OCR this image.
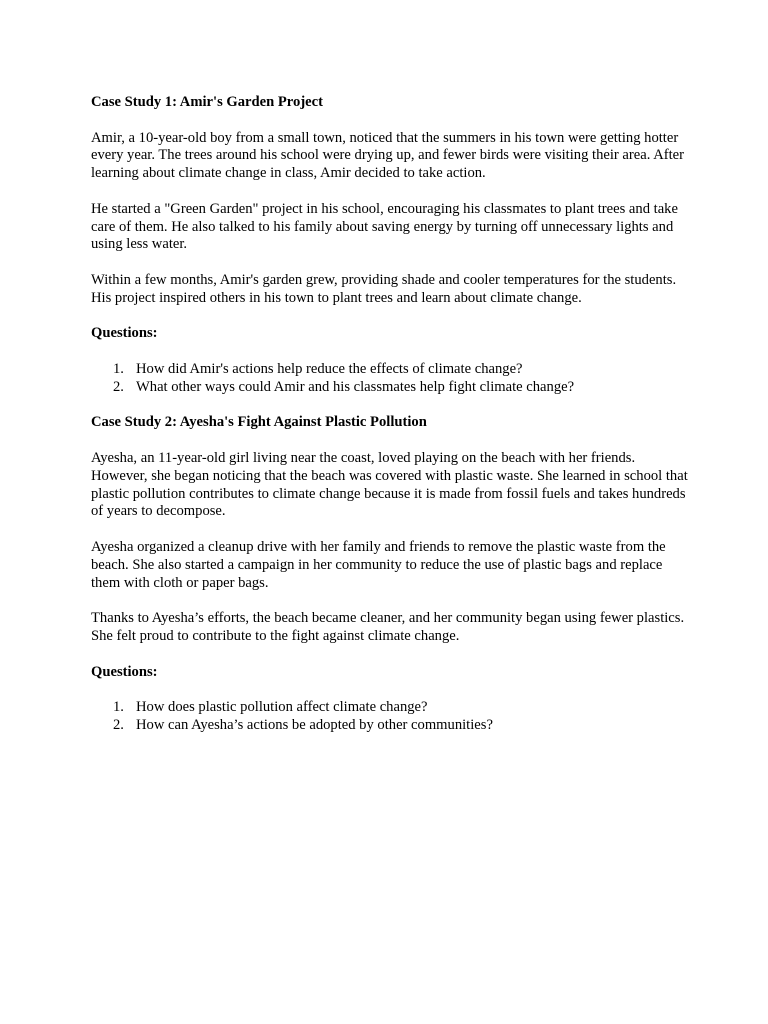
Case Study 1: Amir's Garden Project

Amir, a 10-year-old boy from a small town, noticed that the summers in his town were getting hotter every year. The trees around his school were drying up, and fewer birds were visiting their area. After learning about climate change in class, Amir decided to take action.

He started a "Green Garden" project in his school, encouraging his classmates to plant trees and take care of them. He also talked to his family about saving energy by turning off unnecessary lights and using less water.

Within a few months, Amir's garden grew, providing shade and cooler temperatures for the students. His project inspired others in his town to plant trees and learn about climate change.

Questions:
1. How did Amir's actions help reduce the effects of climate change?
2. What other ways could Amir and his classmates help fight climate change?
Case Study 2: Ayesha's Fight Against Plastic Pollution

Ayesha, an 11-year-old girl living near the coast, loved playing on the beach with her friends. However, she began noticing that the beach was covered with plastic waste. She learned in school that plastic pollution contributes to climate change because it is made from fossil fuels and takes hundreds of years to decompose.

Ayesha organized a cleanup drive with her family and friends to remove the plastic waste from the beach. She also started a campaign in her community to reduce the use of plastic bags and replace them with cloth or paper bags.

Thanks to Ayesha’s efforts, the beach became cleaner, and her community began using fewer plastics. She felt proud to contribute to the fight against climate change.

Questions:
1. How does plastic pollution affect climate change?
2. How can Ayesha’s actions be adopted by other communities?
